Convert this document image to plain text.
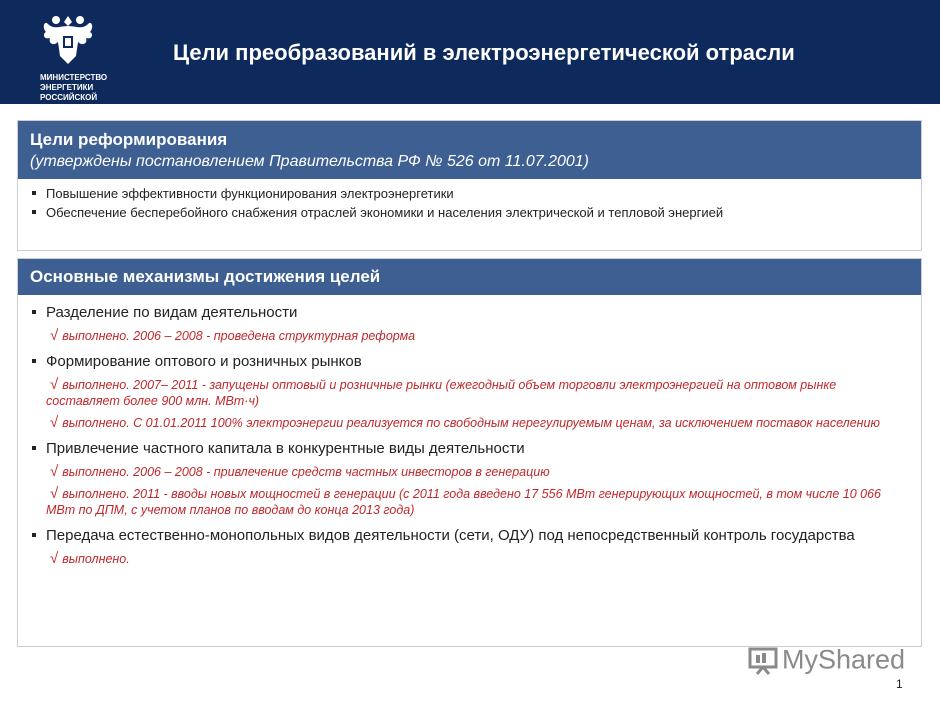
МИНИСТЕРСТВО ЭНЕРГЕТИКИ
РОССИЙСКОЙ ФЕДЕРАЦИИ
Цели преобразований в электроэнергетической отрасли
Цели реформирования
(утверждены постановлением Правительства РФ № 526 от 11.07.2001)
Повышение эффективности функционирования электроэнергетики
Обеспечение бесперебойного снабжения отраслей экономики и населения электрической и тепловой энергией
Основные механизмы достижения целей
Разделение по видам деятельности
√ выполнено. 2006 – 2008 - проведена структурная реформа
Формирование оптового и розничных рынков
√ выполнено. 2007– 2011 - запущены оптовый и розничные рынки (ежегодный объем торговли электроэнергией на оптовом рынке составляет более 900 млн. МВт·ч)
√ выполнено. С 01.01.2011 100% электроэнергии реализуется по свободным нерегулируемым ценам, за исключением поставок населению
Привлечение частного капитала в конкурентные виды деятельности
√ выполнено. 2006 – 2008 - привлечение средств частных инвесторов в генерацию
√ выполнено. 2011 - вводы новых мощностей в генерации (с 2011 года введено 17 556 МВт генерирующих мощностей, в том числе 10 066 МВт по ДПМ, с учетом планов по вводам до конца 2013 года)
Передача естественно-монопольных видов деятельности (сети, ОДУ) под непосредственный контроль государства
√ выполнено.
MyShared
1
